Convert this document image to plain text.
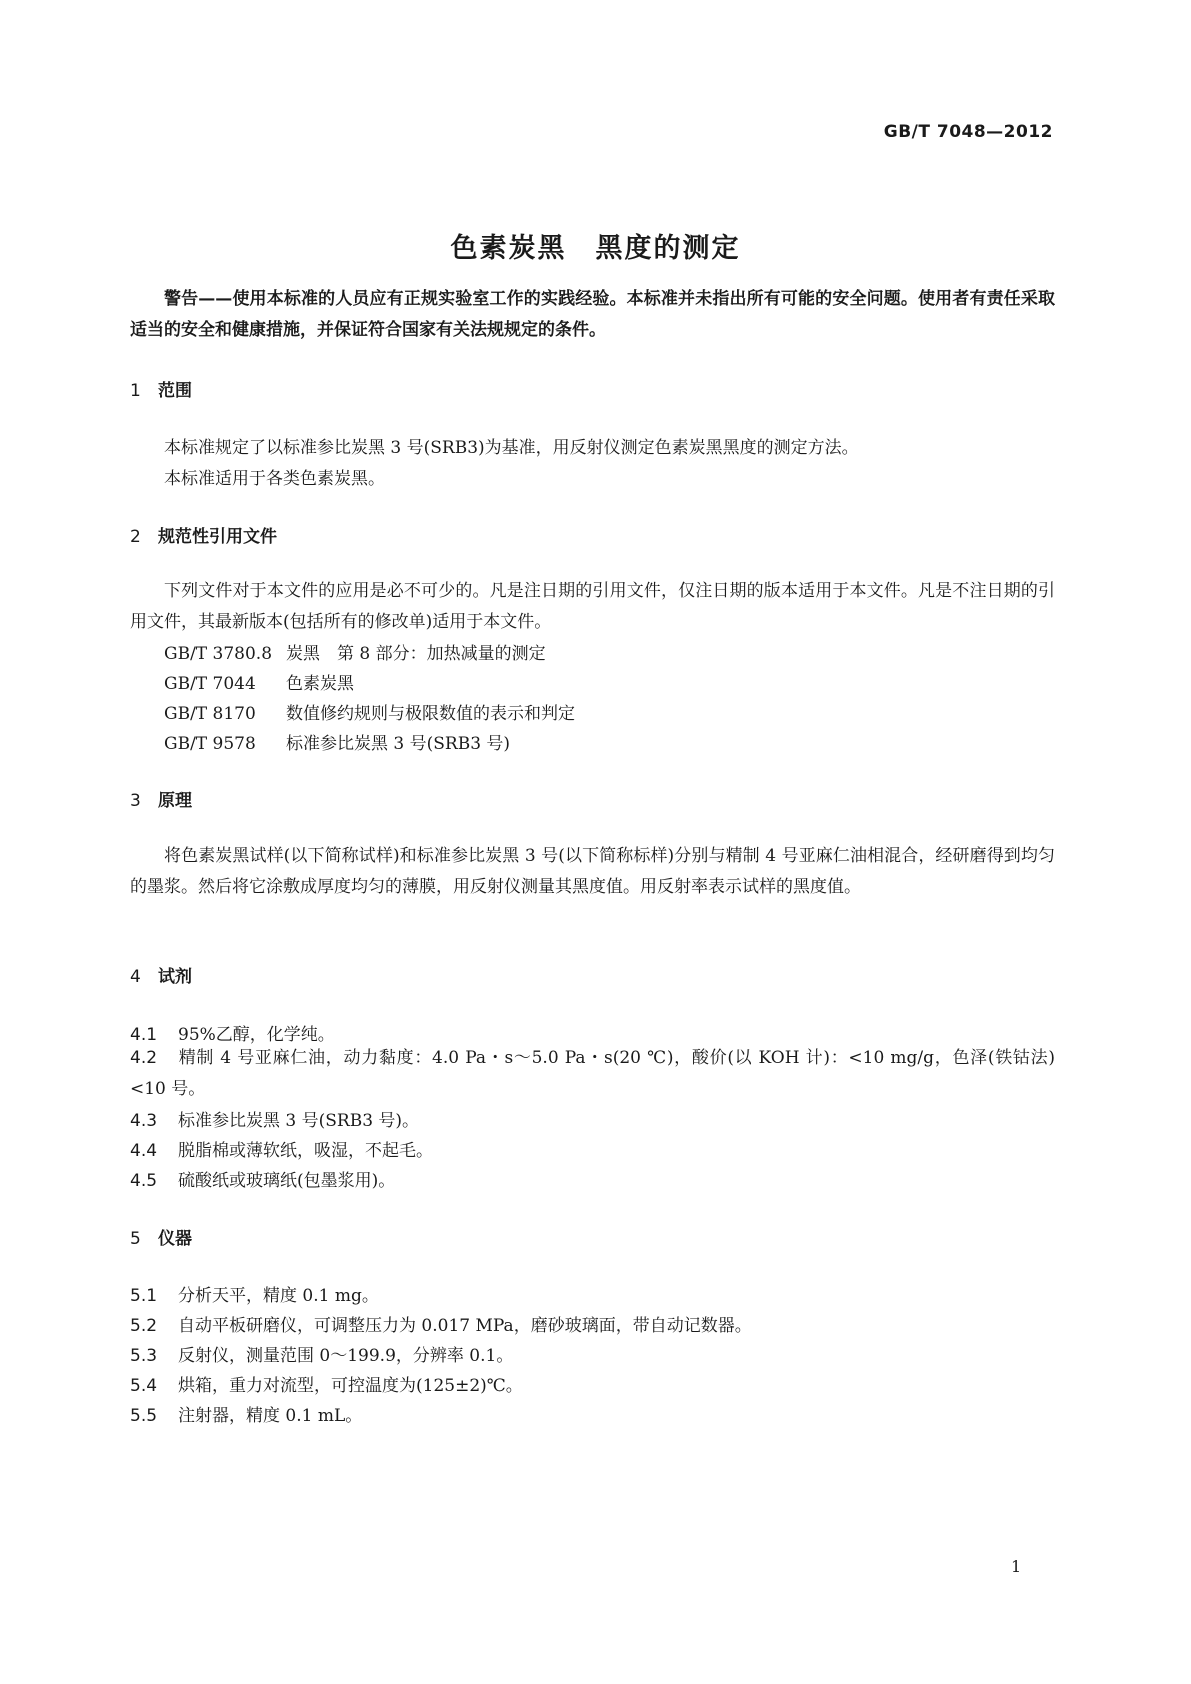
GB/T 7048—2012
色素炭黑　黑度的测定

警告——使用本标准的人员应有正规实验室工作的实践经验。本标准并未指出所有可能的安全问题。使用者有责任采取适当的安全和健康措施，并保证符合国家有关法规规定的条件。

1 范围
本标准规定了以标准参比炭黑 3 号(SRB3)为基准，用反射仪测定色素炭黑黑度的测定方法。
本标准适用于各类色素炭黑。
2 规范性引用文件

下列文件对于本文件的应用是必不可少的。凡是注日期的引用文件，仅注日期的版本适用于本文件。凡是不注日期的引用文件，其最新版本(包括所有的修改单)适用于本文件。

GB/T 3780.8 炭黑　第 8 部分：加热减量的测定
GB/T 7044 色素炭黑
GB/T 8170 数值修约规则与极限数值的表示和判定
GB/T 9578 标准参比炭黑 3 号(SRB3 号)
3 原理

将色素炭黑试样(以下简称试样)和标准参比炭黑 3 号(以下简称标样)分别与精制 4 号亚麻仁油相混合，经研磨得到均匀的墨浆。然后将它涂敷成厚度均匀的薄膜，用反射仪测量其黑度值。用反射率表示试样的黑度值。

4 试剂
4.1 95%乙醇，化学纯。

4.2 精制 4 号亚麻仁油，动力黏度：4.0 Pa・s～5.0 Pa・s(20 ℃)，酸价(以 KOH 计)：<10 mg/g，色泽(铁钴法)<10 号。

4.3 标准参比炭黑 3 号(SRB3 号)。
4.4 脱脂棉或薄软纸，吸湿，不起毛。
4.5 硫酸纸或玻璃纸(包墨浆用)。
5 仪器
5.1 分析天平，精度 0.1 mg。
5.2 自动平板研磨仪，可调整压力为 0.017 MPa，磨砂玻璃面，带自动记数器。
5.3 反射仪，测量范围 0～199.9，分辨率 0.1。
5.4 烘箱，重力对流型，可控温度为(125±2)℃。
5.5 注射器，精度 0.1 mL。
1
